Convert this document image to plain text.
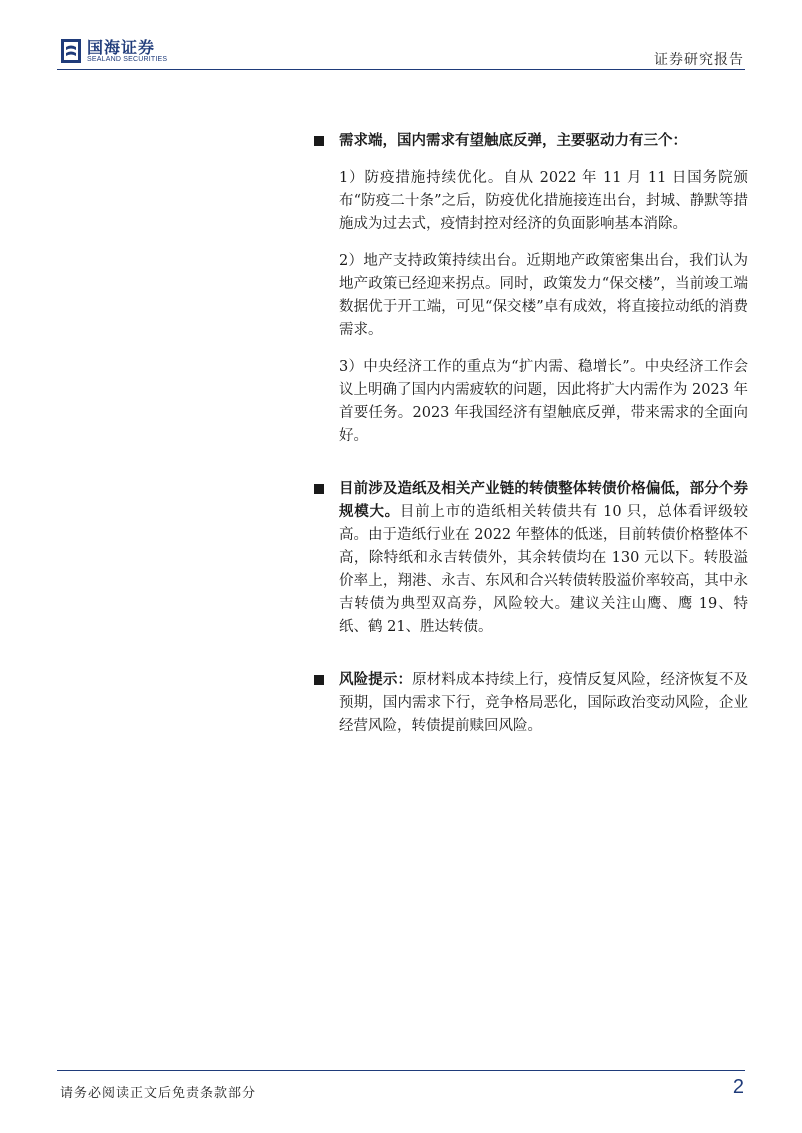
国海证券
SEALAND SECURITIES	证券研究报告
需求端，国内需求有望触底反弹，主要驱动力有三个：
1）防疫措施持续优化。自从 2022 年 11 月 11 日国务院颁布“防疫二十条”之后，防疫优化措施接连出台，封城、静默等措施成为过去式，疫情封控对经济的负面影响基本消除。
2）地产支持政策持续出台。近期地产政策密集出台，我们认为地产政策已经迎来拐点。同时，政策发力“保交楼”，当前竣工端数据优于开工端，可见“保交楼”卓有成效，将直接拉动纸的消费需求。
3）中央经济工作的重点为“扩内需、稳增长”。中央经济工作会议上明确了国内内需疲软的问题，因此将扩大内需作为 2023 年首要任务。2023 年我国经济有望触底反弹，带来需求的全面向好。
目前涉及造纸及相关产业链的转债整体转债价格偏低，部分个券规模大。目前上市的造纸相关转债共有 10 只，总体看评级较高。由于造纸行业在 2022 年整体的低迷，目前转债价格整体不高，除特纸和永吉转债外，其余转债均在 130 元以下。转股溢价率上，翔港、永吉、东风和合兴转债转股溢价率较高，其中永吉转债为典型双高券，风险较大。建议关注山鹰、鹰 19、特纸、鹤 21、胜达转债。
风险提示：原材料成本持续上行，疫情反复风险，经济恢复不及预期，国内需求下行，竞争格局恶化，国际政治变动风险，企业经营风险，转债提前赎回风险。
请务必阅读正文后免责条款部分	2
